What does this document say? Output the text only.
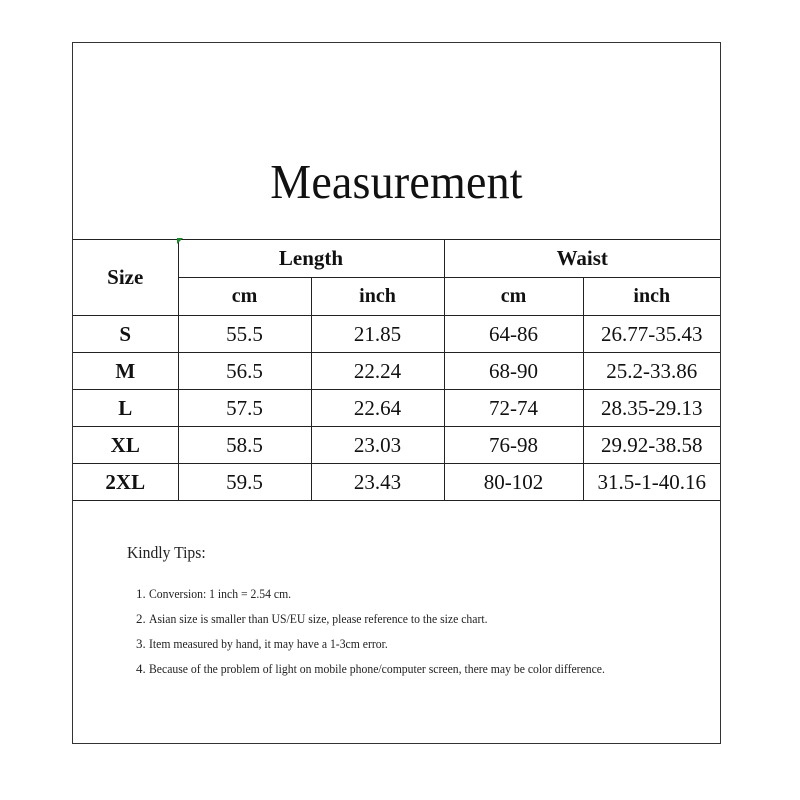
Measurement
Size	Length		Waist	
	cm	inch	cm	inch
S	55.5	21.85	64-86	26.77-35.43
M	56.5	22.24	68-90	25.2-33.86
L	57.5	22.64	72-74	28.35-29.13
XL	58.5	23.03	76-98	29.92-38.58
2XL	59.5	23.43	80-102	31.5-1-40.16
Kindly Tips:
1. Conversion: 1 inch = 2.54 cm.
2. Asian size is smaller than US/EU size, please reference to the size chart.
3. Item measured by hand, it may have a 1-3cm error.
4. Because of the problem of light on mobile phone/computer screen, there may be color difference.
